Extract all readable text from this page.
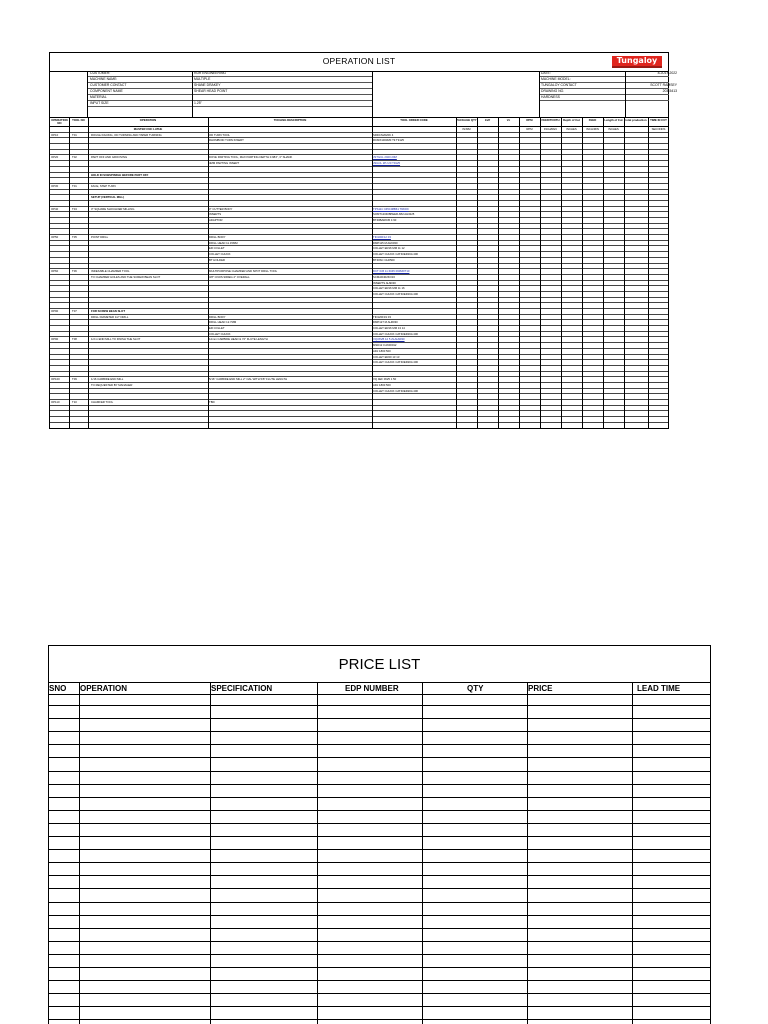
OPERATION LIST	Tungaloy
CUSTOMER:	RDR ENGINEERING
MACHINE NAME:	MULTIPLE
CUSTOMER CONTACT	SHANE DRAKEY
COMPONENT NAME	SHEAR HEAD POINT
MATERIAL
INPUT SIZE	1.25"
DATE:	8-JULY-2022
MACHINE MODEL:
TUNGALOY CONTACT	SCOTT RAMSEY
DRAWING NO.	203-5413
HARDNESS
OPERATION NO
TOOL NO	OPERATION	TOOLING DESCRIPTION	TOOL ORDER CODE	PACKAGE QTY	Zeff	Vc	RPM	FEED/TOOTH	Depth of Cut	FEED	Length of Cut total production	TIME IN CUT
MASTER CNC LATHE	IN/MM	RPM	INCH/REV	INCHES	INCH/MIN	INCHES	SECONDS
OP10	T01	ROUGH FACING, OD TURNING AND TAPER TURNING	OD TURN TOOL	SRDCN2020K 4
RHOMBOID TURN INSERT	RCMX1003M0 T9 T9125
OP20	T02	PART OFF AND GROOVING	DOVE PARTING TOOL, MAX PARTING DEPTH 0.984", 3" SHANK	JSTGUL 2020 20M
4MM PARTING INSERT	JSGCL 2PJ 20 T9125
HOLD IN SUBSPINDLE BEFORE PART OFF
OP30	T01	FACE, STEP TURN
SETUP (VERTICAL MILL)
OP40	T04	3" SQUARE SHOULDER MILLING	3" CUTTER BODY	TPS11C 045C08B61 TRD09
INSERTS	SOMT120408PEER-MM AH3225
ADAPTOR	BT40BAR045 4 90
OP50	T05	POINT DRILL	DRILL BODY	TID100F12 03
DRILL HEAD 11.15MM	DMP115 M AH6030
ER COLLET	COLLET ER16 MM 11 12
COLLET CHUCK	COLLET CHUCK CAT40ER16A 400
BT HOLDER	BT40SC CH0500
OP60	T06	INDEXABLE CHAMFER TOOL	MULTIPURPOSE CHAMFER AND SPOT DRILL TOOL	DCT 045 11 6045 090MDT10
TO CHAMFER HOLES AND THE SCREW BEAN SLOT	3/8" CNOS 90DEG 2" OVERALL	SCMAD402KO16
INSERTS AH9030
COLLET ER16 MM 11 16
COLLET CHUCK CAT40ER16A 400
OP90	T07	FOR SCREW BEAN SLOT
DRILL DIAMETER 1/2" DRILL	DRILL BODY	TID120F19 03
DRILL HEAD 12.7MM	DMP127 M AH6030
ER COLLET	COLLET ER16 MM 13 14
COLLET CHUCK	COLLET CHUCK CAT40ER16A 400
OP90	T08	1/2 in END MILL TO FINISH THE SLOT	12mm CARBIDE HEAD & 72" FLUTE LENGTH	VQ4SVB 12 5 ZLAH9030
MSD12 0 A600012
ADJ 1800 500
COLLET ER20 13 13
COLLET CHUCK CAT40ER20A 400
OP100	T09	1/16 CARBIDE END MILL	5/16" CARBIDE END MILL 2" OAL WITH 5/8" FLUTE LENGTH	VQ 4EF 0625 1 50
TO REQUESTED BY MANAGER	ADJ 1800 500
COLLET CHUCK CAT40ER20A 400
OP110	T10	CHAMFER TOOL	TBD
PRICE LIST
SNO OPERATION	SPECIFICATION	EDP NUMBER	QTY	PRICE	LEAD TIME
